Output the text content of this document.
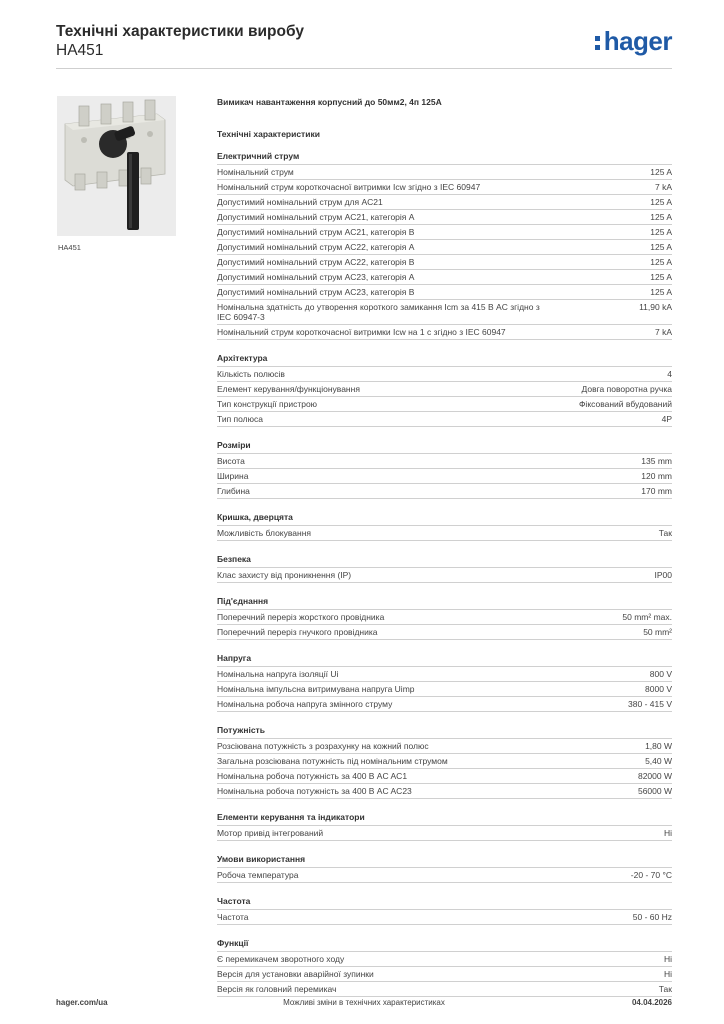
Технічні характеристики виробу
HA451	hager
HA451
Вимикач навантаження корпусний до 50мм2, 4п 125А
Технічні характеристики
Електричний струм
Номінальний струм	125 A
Номінальний струм короткочасної витримки Icw згідно з IEC 60947	7 kA
Допустимий номінальний струм для AC21	125 A
Допустимий номінальний струм AC21, категорія A	125 A
Допустимий номінальний струм AC21, категорія B	125 A
Допустимий номінальний струм AC22, категорія A	125 A
Допустимий номінальний струм AC22, категорія B	125 A
Допустимий номінальний струм AC23, категорія A	125 A
Допустимий номінальний струм AC23, категорія B	125 A
Номінальна здатність до утворення короткого замикання Icm за 415 В AC згідно з IEC 60947-3
11,90 kA
Номінальний струм короткочасної витримки Icw на 1 с згідно з IEC 60947	7 kA
Архітектура
Кількість полюсів	4
Елемент керування/функціонування	Довга поворотна ручка
Тип конструкції пристрою	Фіксований вбудований
Тип полюса	4P
Розміри
Висота	135 mm
Ширина	120 mm
Глибина	170 mm
Кришка, дверцята
Можливість блокування	Так
Безпека
Клас захисту від проникнення (IP)	IP00
Під'єднання
Поперечний переріз жорсткого провідника	50 mm² max.
Поперечний переріз гнучкого провідника	50 mm²
Напруга
Номінальна напруга ізоляції Ui	800 V
Номінальна імпульсна витримувана напруга Uimp	8000 V
Номінальна робоча напруга змінного струму	380 - 415 V
Потужність
Розсіювана потужність з розрахунку на кожний полюс	1,80 W
Загальна розсіювана потужність під номінальним струмом	5,40 W
Номінальна робоча потужність за 400 В AC AC1	82000 W
Номінальна робоча потужність за 400 В AC AC23	56000 W
Елементи керування та індикатори
Мотор привід інтегрований	Hi
Умови використання
Робоча температура	-20 - 70 °C
Частота
Частота	50 - 60 Hz
Функції
Є перемикачем зворотного ходу	Hi
Версія для установки аварійної зупинки	Hi
Версія як головний перемикач	Так
hager.com/ua	Можливі зміни в технічних характеристиках	04.04.2026
